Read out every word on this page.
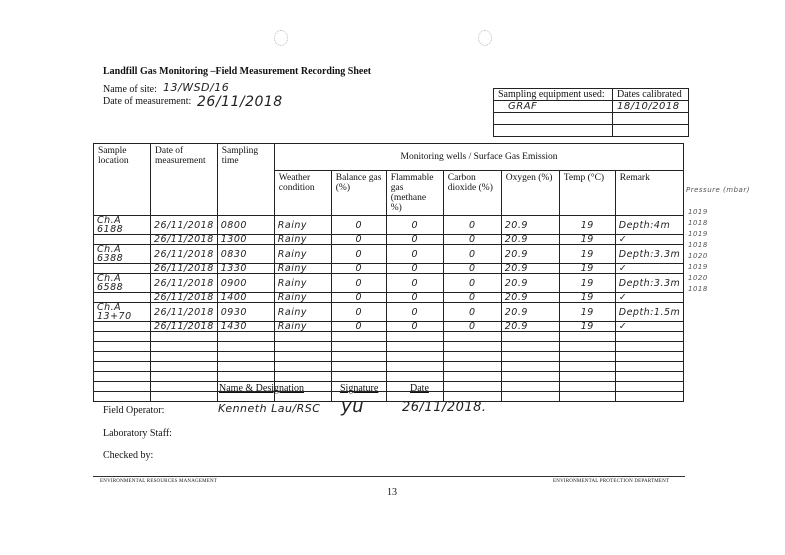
Landfill Gas Monitoring –Field Measurement Recording Sheet
Name of site: 13/WSD/16
Date of measurement: 26/11/2018	Sampling equipment used:	Dates calibrated
GRAF	18/10/2018

Sample location	Date of measurement	Sampling time	Monitoring wells / Surface Gas Emission						
			Weather condition	Balance gas (%)	Flammable gas (methane %)	Carbon dioxide (%)	Oxygen (%)	Temp (°C)	Remark
Ch.A 6188	26/11/2018	0800	Rainy	0	0	0	20.9	19	Depth:4m
	26/11/2018	1300	Rainy	0	0	0	20.9	19	✓
Ch.A 6388	26/11/2018	0830	Rainy	0	0	0	20.9	19	Depth:3.3m
	26/11/2018	1330	Rainy	0	0	0	20.9	19	✓
Ch.A 6588	26/11/2018	0900	Rainy	0	0	0	20.9	19	Depth:3.3m
	26/11/2018	1400	Rainy	0	0	0	20.9	19	✓
Ch.A 13+70	26/11/2018	0930	Rainy	0	0	0	20.9	19	Depth:1.5m
	26/11/2018	1430	Rainy	0	0	0	20.9	19	✓

Pressure (mbar)
1019
1018
1019
1018
1020
1019
1020
1018
Name & Designation	Signature	Date
Field Operator:	Kenneth Lau/RSC yu	26/11/2018.
Laboratory Staff:
Checked by:
ENVIRONMENTAL RESOURCES MANAGEMENT	ENVIRONMENTAL PROTECTION DEPARTMENT
13
